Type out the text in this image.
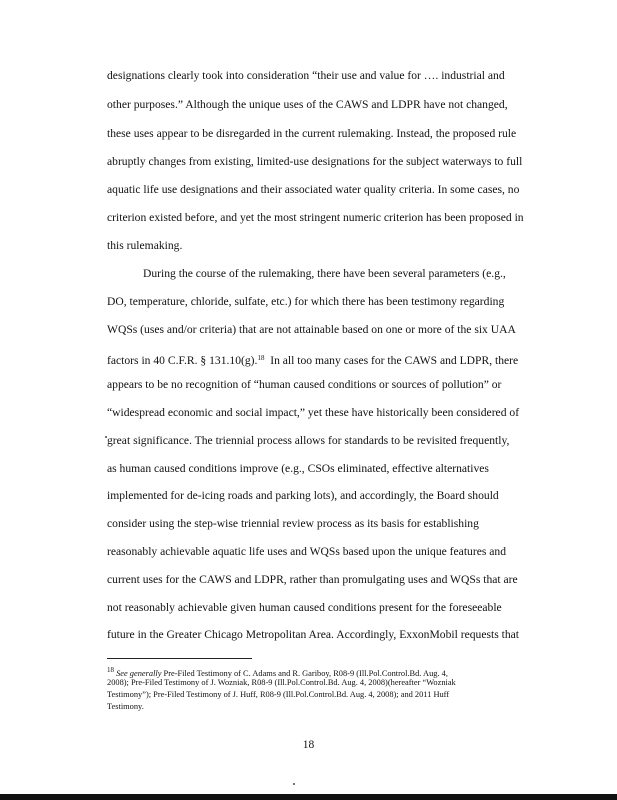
designations clearly took into consideration “their use and value for …. industrial and
other purposes.” Although the unique uses of the CAWS and LDPR have not changed,
these uses appear to be disregarded in the current rulemaking. Instead, the proposed rule
abruptly changes from existing, limited-use designations for the subject waterways to full
aquatic life use designations and their associated water quality criteria. In some cases, no
criterion existed before, and yet the most stringent numeric criterion has been proposed in
this rulemaking.
During the course of the rulemaking, there have been several parameters (e.g.,
DO, temperature, chloride, sulfate, etc.) for which there has been testimony regarding
WQSs (uses and/or criteria) that are not attainable based on one or more of the six UAA
factors in 40 C.F.R. § 131.10(g).$^{18}$ In all too many cases for the CAWS and LDPR, there
appears to be no recognition of “human caused conditions or sources of pollution” or
“widespread economic and social impact,” yet these have historically been considered of
great significance. The triennial process allows for standards to be revisited frequently,
as human caused conditions improve (e.g., CSOs eliminated, effective alternatives
implemented for de-icing roads and parking lots), and accordingly, the Board should
consider using the step-wise triennial review process as its basis for establishing
reasonably achievable aquatic life uses and WQSs based upon the unique features and
current uses for the CAWS and LDPR, rather than promulgating uses and WQSs that are
not reasonably achievable given human caused conditions present for the foreseeable
future in the Greater Chicago Metropolitan Area. Accordingly, ExxonMobil requests that
$^{18}$ See generally Pre-Filed Testimony of C. Adams and R. Gariboy, R08-9 (Ill.Pol.Control.Bd. Aug. 4,
2008); Pre-Filed Testimony of J. Wozniak, R08-9 (Ill.Pol.Control.Bd. Aug. 4, 2008)(hereafter “Wozniak
Testimony”); Pre-Filed Testimony of J. Huff, R08-9 (Ill.Pol.Control.Bd. Aug. 4, 2008); and 2011 Huff
Testimony.
18
